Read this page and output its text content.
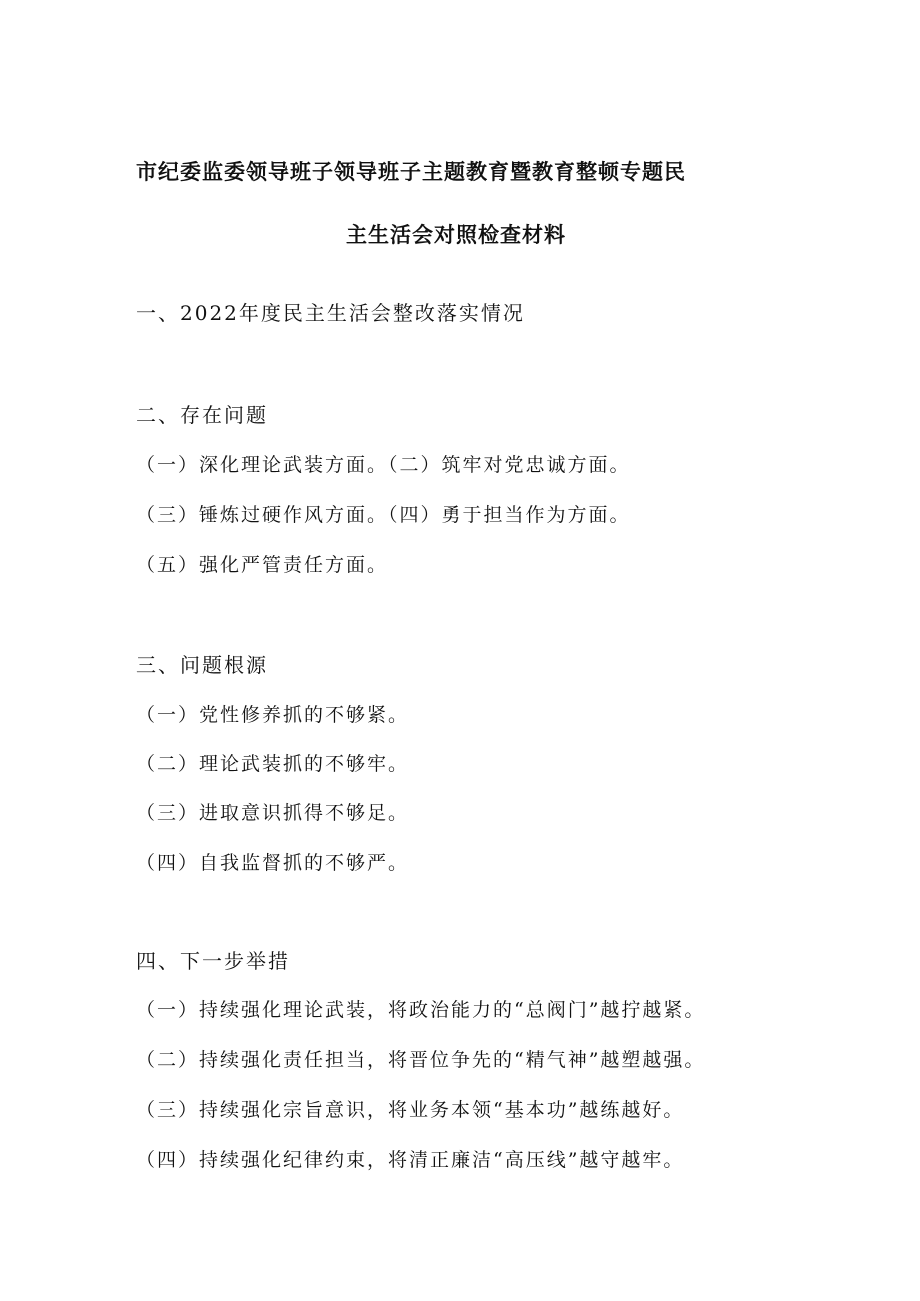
市纪委监委领导班子领导班子主题教育暨教育整顿专题民
主生活会对照检查材料
一、2022年度民主生活会整改落实情况
二、存在问题
（一）深化理论武装方面。（二）筑牢对党忠诚方面。
（三）锤炼过硬作风方面。（四）勇于担当作为方面。
（五）强化严管责任方面。
三、问题根源
（一）党性修养抓的不够紧。
（二）理论武装抓的不够牢。
（三）进取意识抓得不够足。
（四）自我监督抓的不够严。
四、下一步举措
（一）持续强化理论武装，将政治能力的“总阀门”越拧越紧。
（二）持续强化责任担当，将晋位争先的“精气神”越塑越强。
（三）持续强化宗旨意识，将业务本领“基本功”越练越好。
（四）持续强化纪律约束，将清正廉洁“高压线”越守越牢。
